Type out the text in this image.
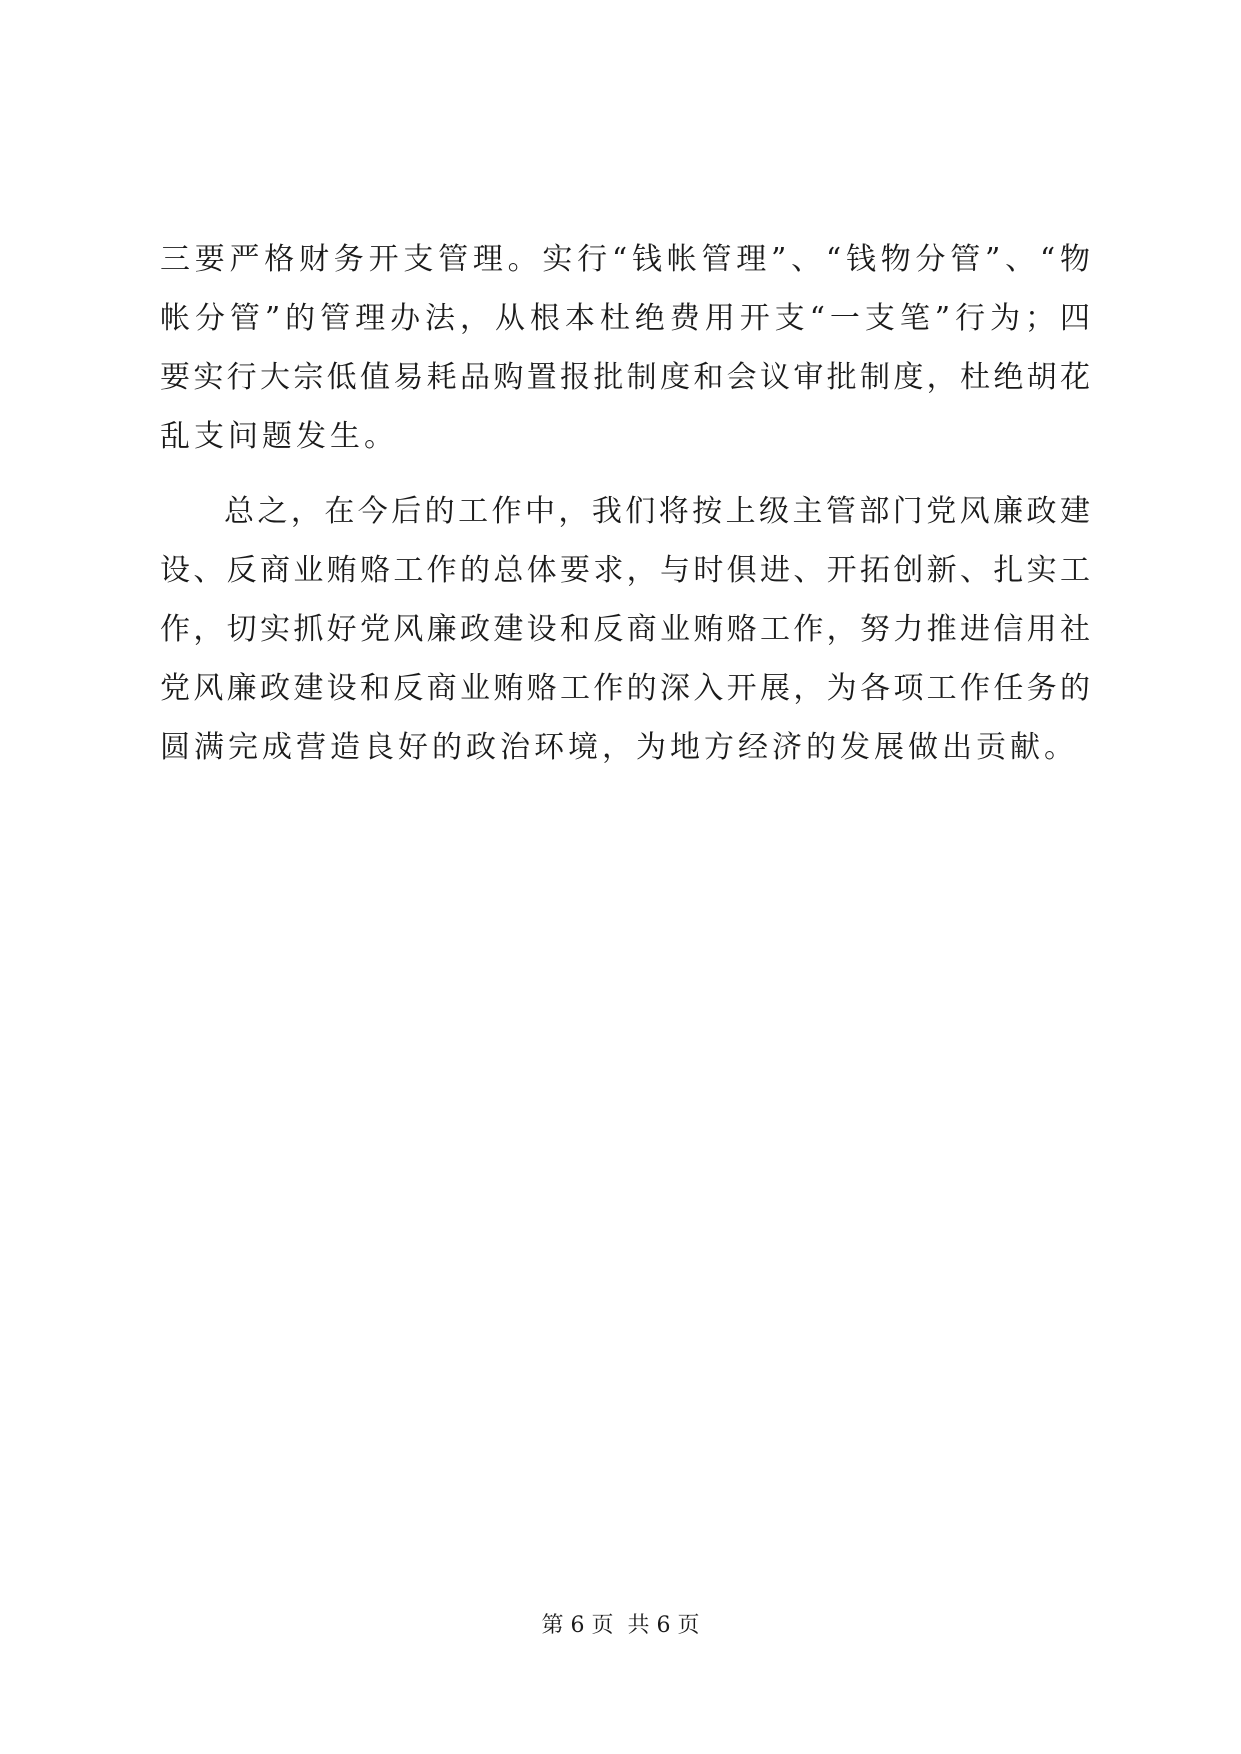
三要严格财务开支管理。实行“钱帐管理”、“钱物分管”、“物
帐分管”的管理办法，从根本杜绝费用开支“一支笔”行为；四
要实行大宗低值易耗品购置报批制度和会议审批制度，杜绝胡花
乱支问题发生。
总之，在今后的工作中，我们将按上级主管部门党风廉政建
设、反商业贿赂工作的总体要求，与时俱进、开拓创新、扎实工
作，切实抓好党风廉政建设和反商业贿赂工作，努力推进信用社
党风廉政建设和反商业贿赂工作的深入开展，为各项工作任务的
圆满完成营造良好的政治环境，为地方经济的发展做出贡献。
第 6 页 共 6 页
